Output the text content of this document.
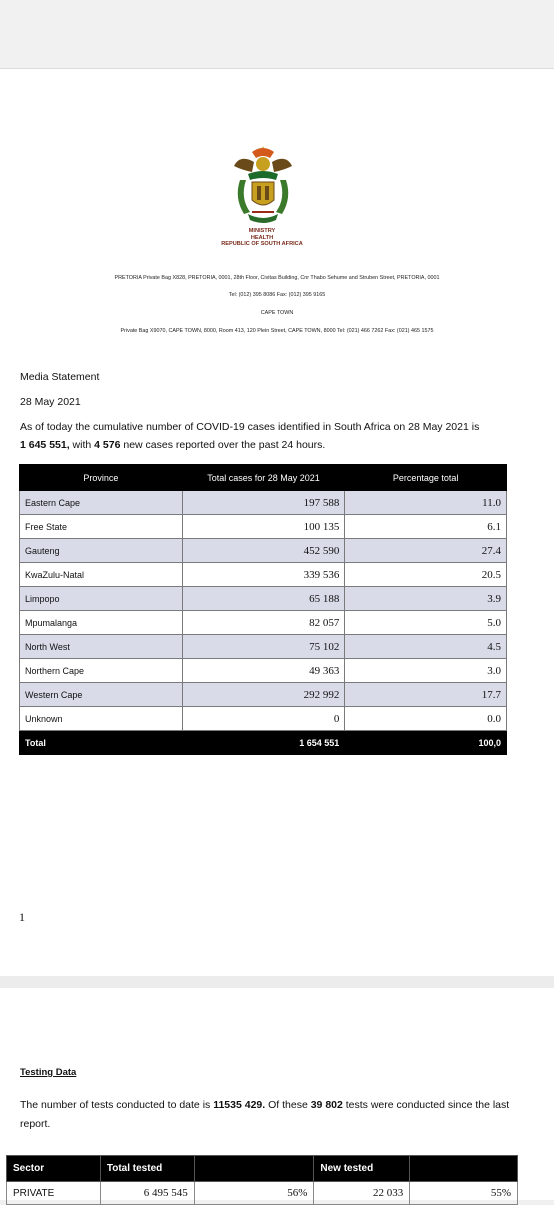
MINISTRY
HEALTH
REPUBLIC OF SOUTH AFRICA
PRETORIA Private Bag X828, PRETORIA, 0001, 28th Floor, Civitas Building, Cnr Thabo Sehume and Struben Street, PRETORIA, 0001
Tel: (012) 395 8086 Fax: (012) 395 9165
CAPE TOWN
Private Bag X9070, CAPE TOWN, 8000, Room 413, 120 Plein Street, CAPE TOWN, 8000 Tel: (021) 466 7262 Fax: (021) 465 1575
Media Statement
28 May 2021
As of today the cumulative number of COVID-19 cases identified in South Africa on 28 May 2021 is
1 645 551, with 4 576 new cases reported over the past 24 hours.
Province	Total cases for 28 May 2021	Percentage total
Eastern Cape	197 588	11.0
Free State	100 135	6.1
Gauteng	452 590	27.4
KwaZulu-Natal	339 536	20.5
Limpopo	65 188	3.9
Mpumalanga	82 057	5.0
North West	75 102	4.5
Northern Cape	49 363	3.0
Western Cape	292 992	17.7
Unknown	0	0.0
Total	1 654 551	100,0
1
Testing Data
The number of tests conducted to date is 11535 429. Of these 39 802 tests were conducted since the last report.
Sector	Total tested		New tested	
PRIVATE	6 495 545	56%	22 033	55%
